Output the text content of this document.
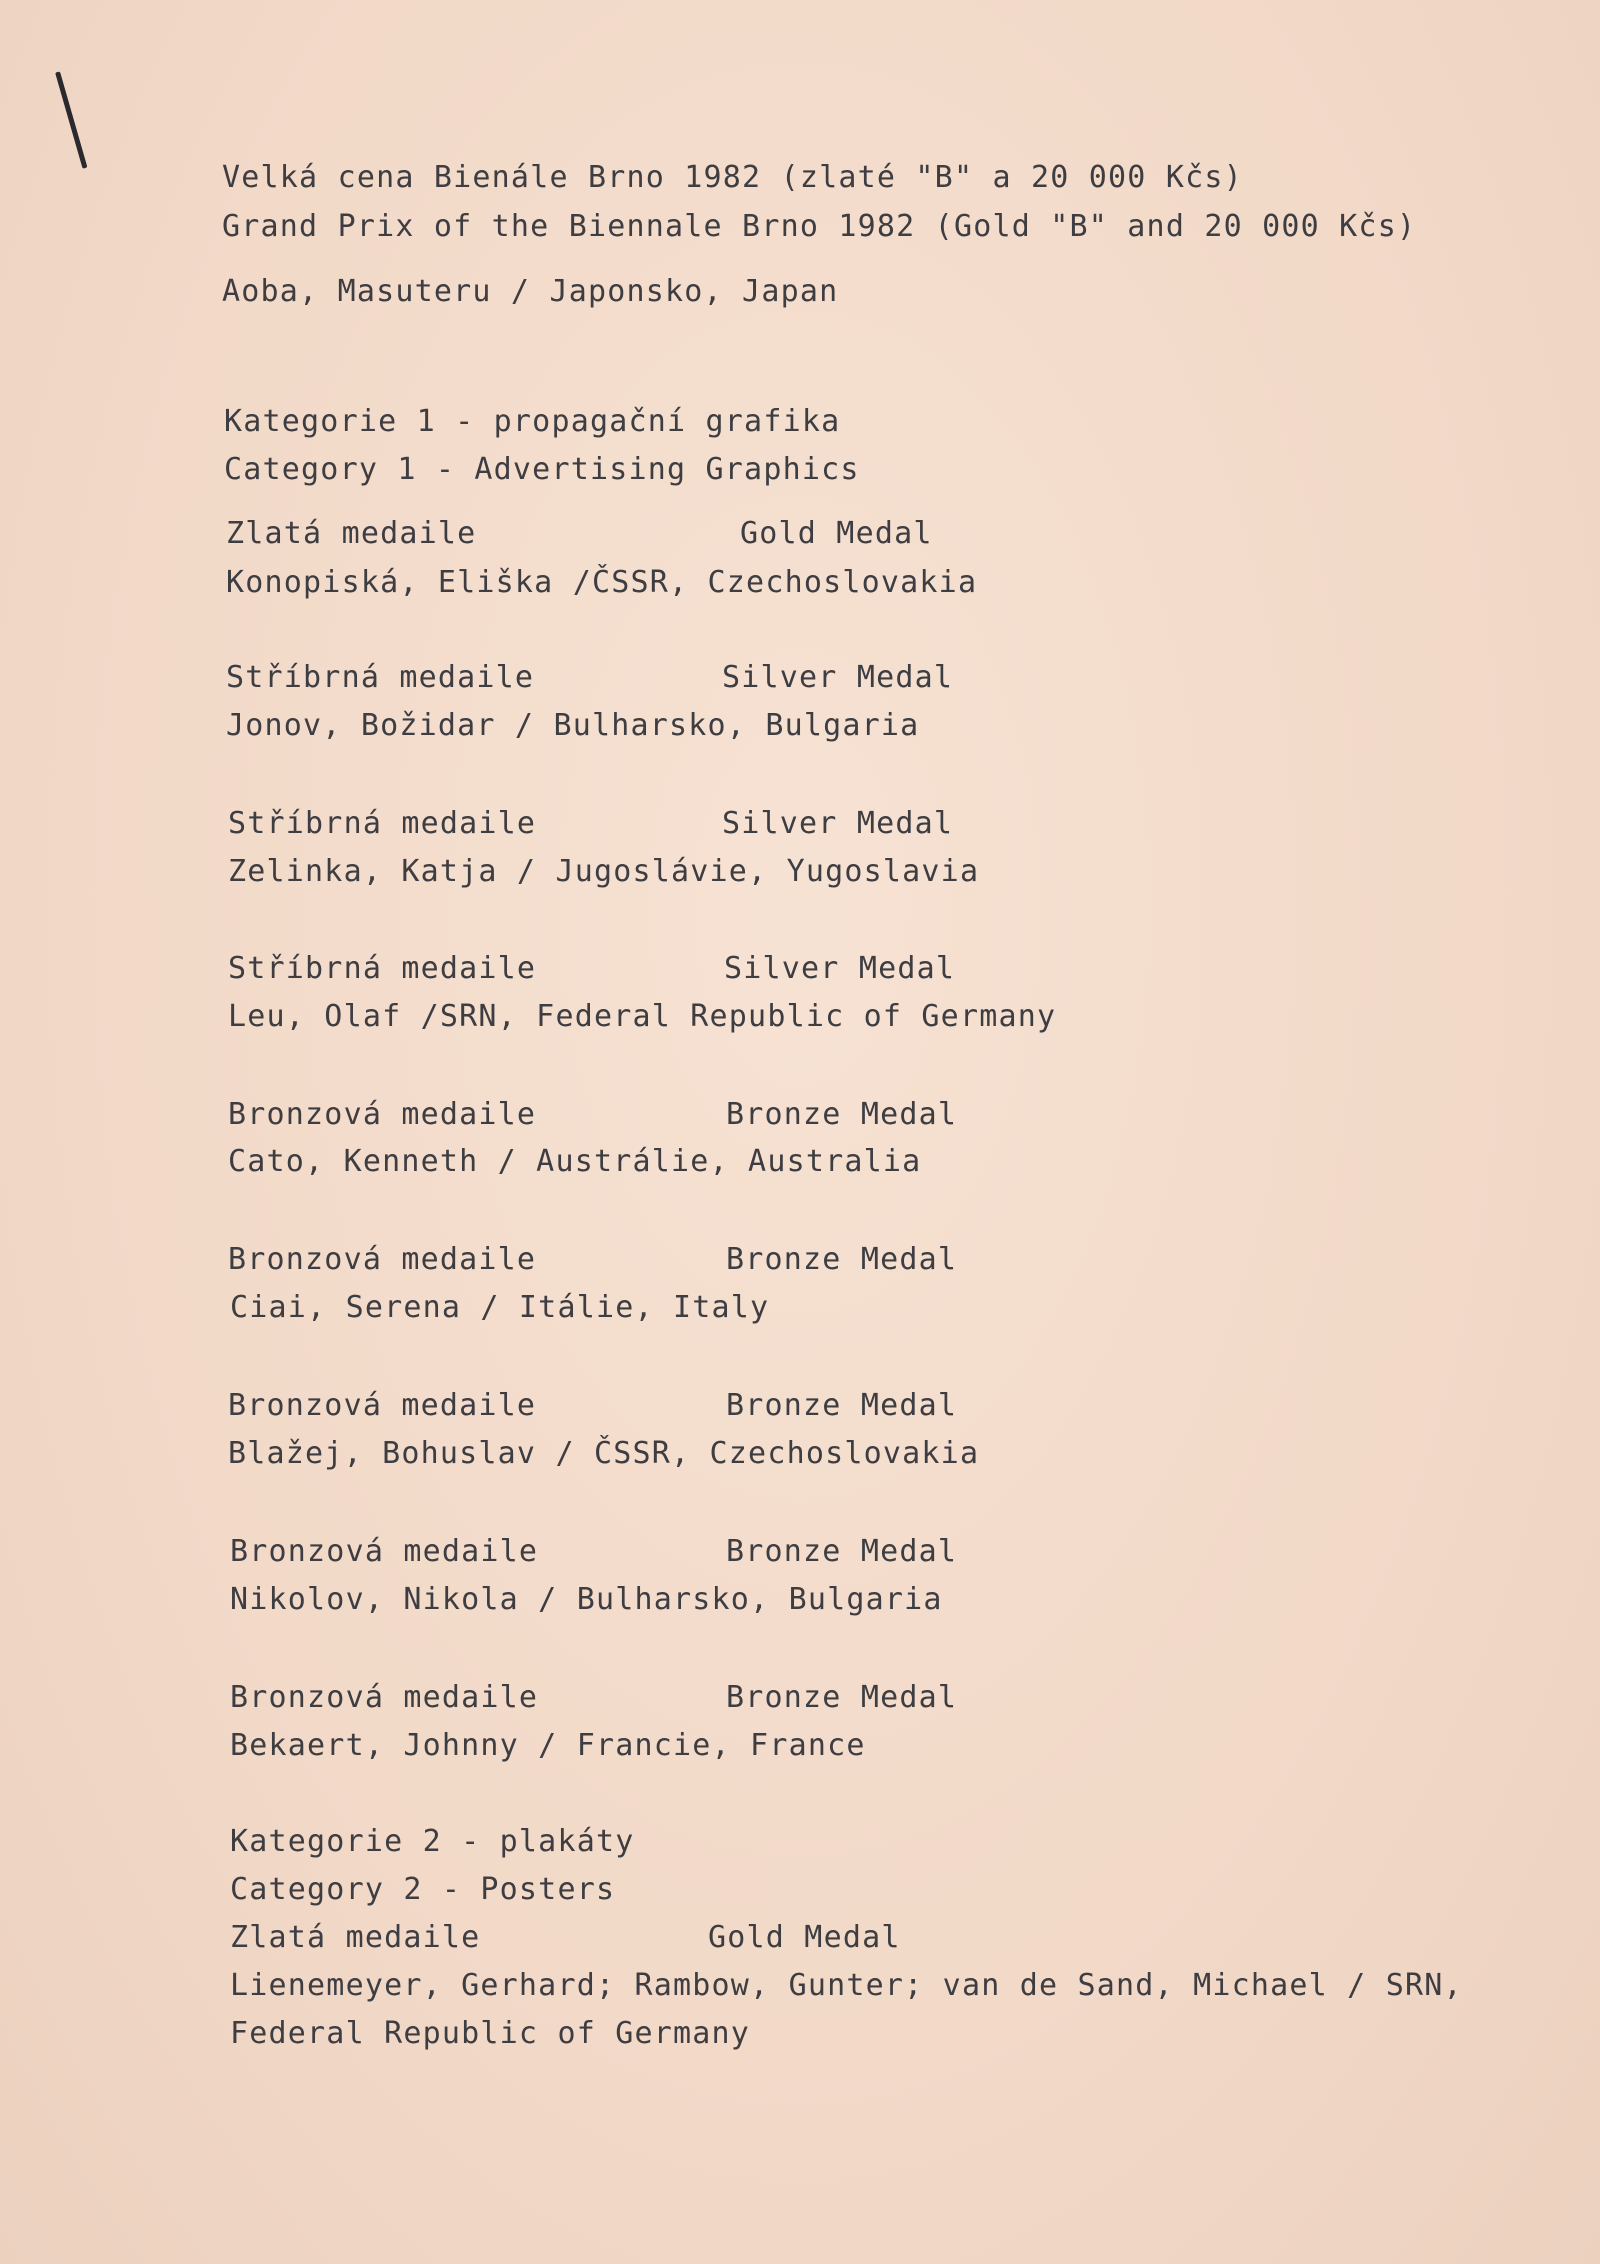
Velká cena Bienále Brno 1982 (zlaté "B" a 20 000 Kčs)
Grand Prix of the Biennale Brno 1982 (Gold "B" and 20 000 Kčs)
Aoba, Masuteru / Japonsko, Japan
Kategorie 1 - propagační grafika
Category 1 - Advertising Graphics
Zlatá medaile	Gold Medal
Konopiská, Eliška /ČSSR, Czechoslovakia
Stříbrná medaile	Silver Medal
Jonov, Božidar / Bulharsko, Bulgaria
Stříbrná medaile	Silver Medal
Zelinka, Katja / Jugoslávie, Yugoslavia
Stříbrná medaile	Silver Medal
Leu, Olaf /SRN, Federal Republic of Germany
Bronzová medaile	Bronze Medal
Cato, Kenneth / Austrálie, Australia
Bronzová medaile	Bronze Medal
Ciai, Serena / Itálie, Italy
Bronzová medaile	Bronze Medal
Blažej, Bohuslav / ČSSR, Czechoslovakia
Bronzová medaile	Bronze Medal
Nikolov, Nikola / Bulharsko, Bulgaria
Bronzová medaile	Bronze Medal
Bekaert, Johnny / Francie, France
Kategorie 2 - plakáty
Category 2 - Posters
Zlatá medaile	Gold Medal
Lienemeyer, Gerhard; Rambow, Gunter; van de Sand, Michael / SRN,
Federal Republic of Germany
